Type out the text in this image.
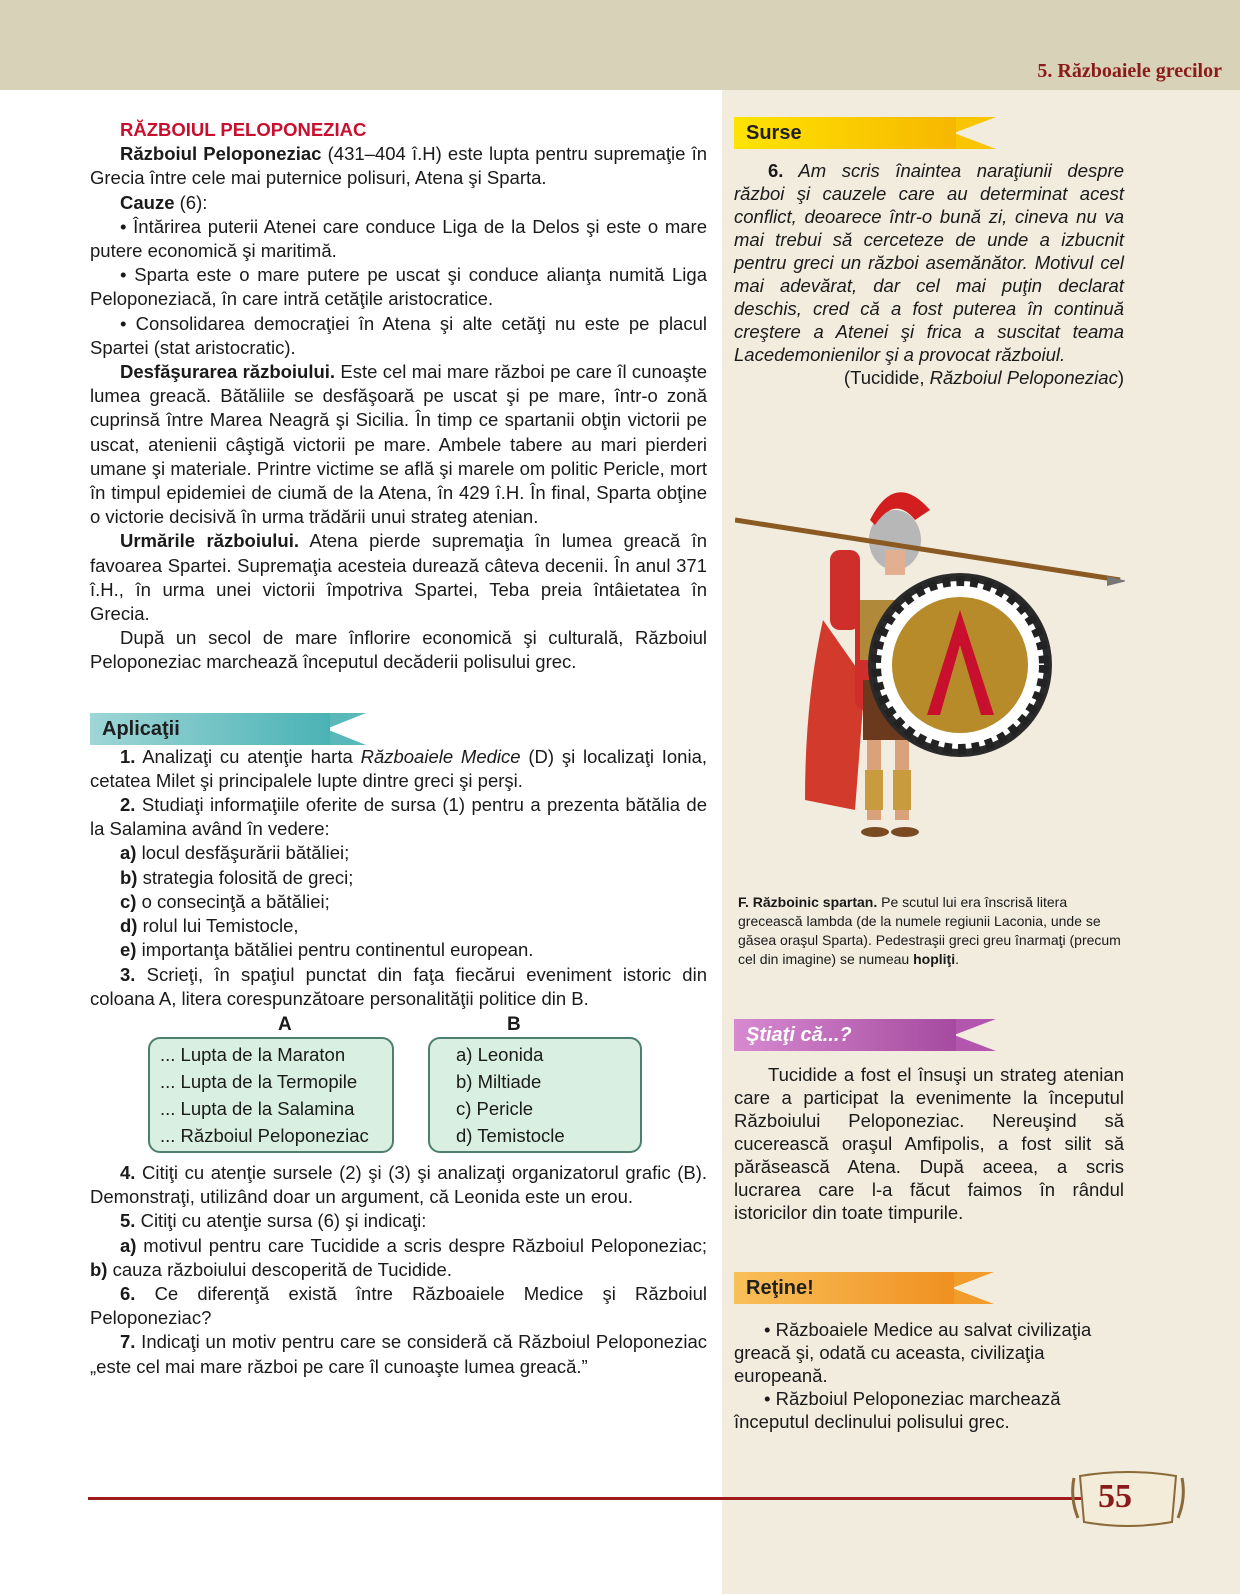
5. Războaiele grecilor

RĂZBOIUL PELOPONEZIAC

Războiul Peloponeziac (431–404 î.H) este lupta pentru supremaţie în Grecia între cele mai puternice polisuri, Atena şi Sparta.

Cauze (6):

• Întărirea puterii Atenei care conduce Liga de la Delos şi este o mare putere economică şi maritimă.

• Sparta este o mare putere pe uscat şi conduce alianţa numită Liga Peloponeziacă, în care intră cetăţile aristocratice.

• Consolidarea democraţiei în Atena şi alte cetăţi nu este pe placul Spartei (stat aristocratic).

Desfăşurarea războiului. Este cel mai mare război pe care îl cunoaşte lumea greacă. Bătăliile se desfăşoară pe uscat şi pe mare, într-o zonă cuprinsă între Marea Neagră şi Sicilia. În timp ce spartanii obţin victorii pe uscat, atenienii câştigă victorii pe mare. Ambele tabere au mari pierderi umane şi materiale. Printre victime se află şi marele om politic Pericle, mort în timpul epidemiei de ciumă de la Atena, în 429 î.H. În final, Sparta obţine o victorie decisivă în urma trădării unui strateg atenian.

Urmările războiului. Atena pierde supremaţia în lumea greacă în favoarea Spartei. Supremaţia acesteia durează câteva decenii. În anul 371 î.H., în urma unei victorii împotriva Spartei, Teba preia întâietatea în Grecia.

După un secol de mare înflorire economică şi culturală, Războiul Peloponeziac marchează începutul decăderii polisului grec.

Aplicaţii

1. Analizaţi cu atenţie harta Războaiele Medice (D) şi localizaţi Ionia, cetatea Milet şi principalele lupte dintre greci şi perşi.

2. Studiaţi informaţiile oferite de sursa (1) pentru a prezenta bătălia de la Salamina având în vedere:

a) locul desfăşurării bătăliei;

b) strategia folosită de greci;

c) o consecinţă a bătăliei;

d) rolul lui Temistocle,

e) importanţa bătăliei pentru continentul european.

3. Scrieţi, în spaţiul punctat din faţa fiecărui eveniment istoric din coloana A, litera corespunzătoare personalităţii politice din B.

A	B
... Lupta de la Maraton
... Lupta de la Termopile
... Lupta de la Salamina
... Războiul Peloponeziac
a) Leonida
b) Miltiade
c) Pericle
d) Temistocle

4. Citiţi cu atenţie sursele (2) şi (3) şi analizaţi organizatorul grafic (B). Demonstraţi, utilizând doar un argument, că Leonida este un erou.

5. Citiţi cu atenţie sursa (6) şi indicaţi:

a) motivul pentru care Tucidide a scris despre Războiul Peloponeziac; b) cauza războiului descoperită de Tucidide.

6. Ce diferenţă există între Războaiele Medice şi Războiul Peloponeziac?

7. Indicaţi un motiv pentru care se consideră că Războiul Peloponeziac „este cel mai mare război pe care îl cunoaşte lumea greacă.”

Surse

6. Am scris înaintea naraţiunii despre război şi cauzele care au determinat acest conflict, deoarece într-o bună zi, cineva nu va mai trebui să cerceteze de unde a izbucnit pentru greci un război asemănător. Motivul cel mai adevărat, dar cel mai puţin declarat deschis, cred că a fost puterea în continuă creştere a Atenei şi frica a suscitat teama Lacedemonienilor şi a provocat războiul.

(Tucidide, Războiul Peloponeziac)

F. Războinic spartan. Pe scutul lui era înscrisă litera grecească lambda (de la numele regiunii Laconia, unde se găsea oraşul Sparta). Pedestraşii greci greu înarmaţi (precum cel din imagine) se numeau hopliţi.
Ştiaţi că...?

Tucidide a fost el însuşi un strateg atenian care a participat la evenimente la începutul Războiului Peloponeziac. Nereuşind să cucerească oraşul Amfipolis, a fost silit să părăsească Atena. După aceea, a scris lucrarea care l-a făcut faimos în rândul istoricilor din toate timpurile.

Reţine!

• Războaiele Medice au salvat civilizaţia greacă şi, odată cu aceasta, civilizaţia europeană.

• Războiul Peloponeziac marchează începutul declinului polisului grec.

55
